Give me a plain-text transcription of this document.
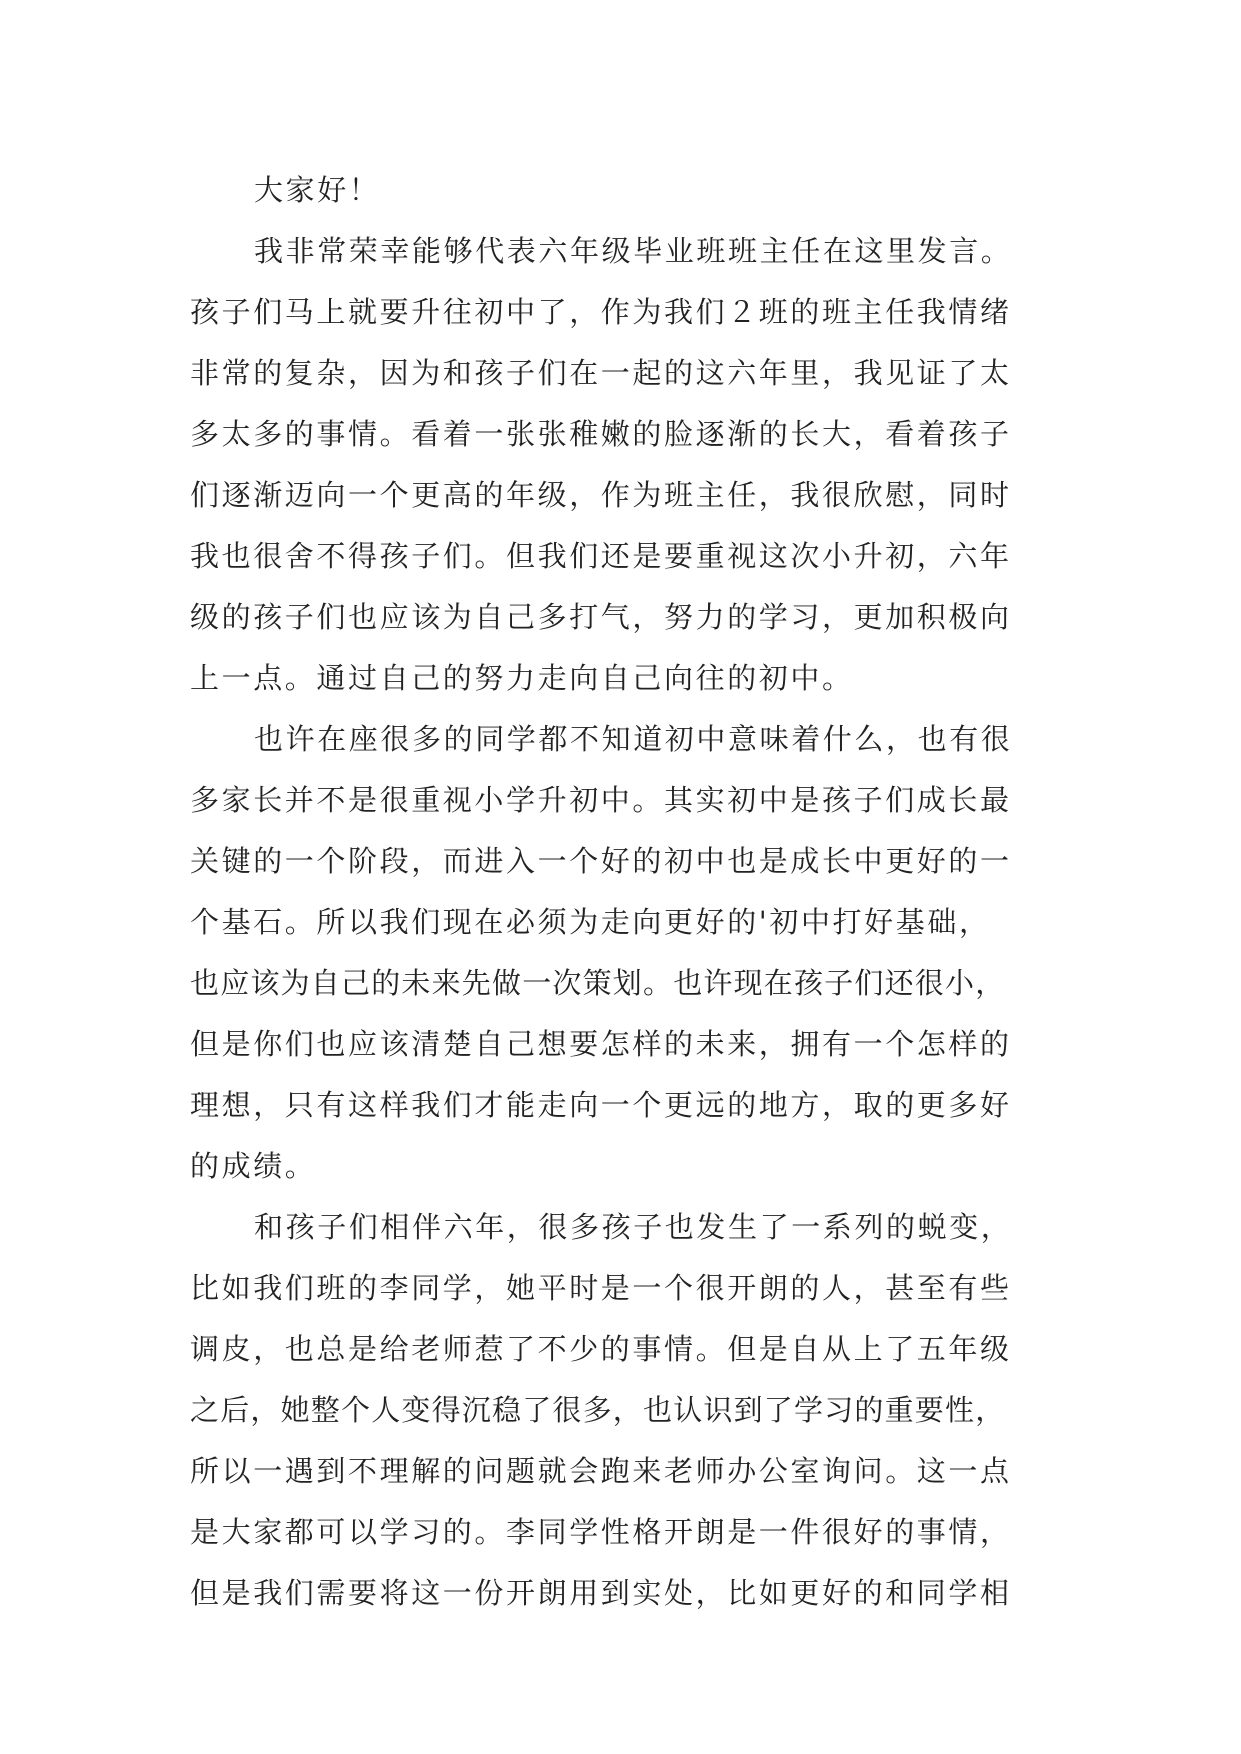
大家好！
我非常荣幸能够代表六年级毕业班班主任在这里发言。
孩子们马上就要升往初中了，作为我们２班的班主任我情绪
非常的复杂，因为和孩子们在一起的这六年里，我见证了太
多太多的事情。看着一张张稚嫩的脸逐渐的长大，看着孩子
们逐渐迈向一个更高的年级，作为班主任，我很欣慰，同时
我也很舍不得孩子们。但我们还是要重视这次小升初，六年
级的孩子们也应该为自己多打气，努力的学习，更加积极向
上一点。通过自己的努力走向自己向往的初中。
也许在座很多的同学都不知道初中意味着什么，也有很
多家长并不是很重视小学升初中。其实初中是孩子们成长最
关键的一个阶段，而进入一个好的初中也是成长中更好的一
个基石。所以我们现在必须为走向更好的'初中打好基础，
也应该为自己的未来先做一次策划。也许现在孩子们还很小，
但是你们也应该清楚自己想要怎样的未来，拥有一个怎样的
理想，只有这样我们才能走向一个更远的地方，取的更多好
的成绩。
和孩子们相伴六年，很多孩子也发生了一系列的蜕变，
比如我们班的李同学，她平时是一个很开朗的人，甚至有些
调皮，也总是给老师惹了不少的事情。但是自从上了五年级
之后，她整个人变得沉稳了很多，也认识到了学习的重要性，
所以一遇到不理解的问题就会跑来老师办公室询问。这一点
是大家都可以学习的。李同学性格开朗是一件很好的事情，
但是我们需要将这一份开朗用到实处，比如更好的和同学相
